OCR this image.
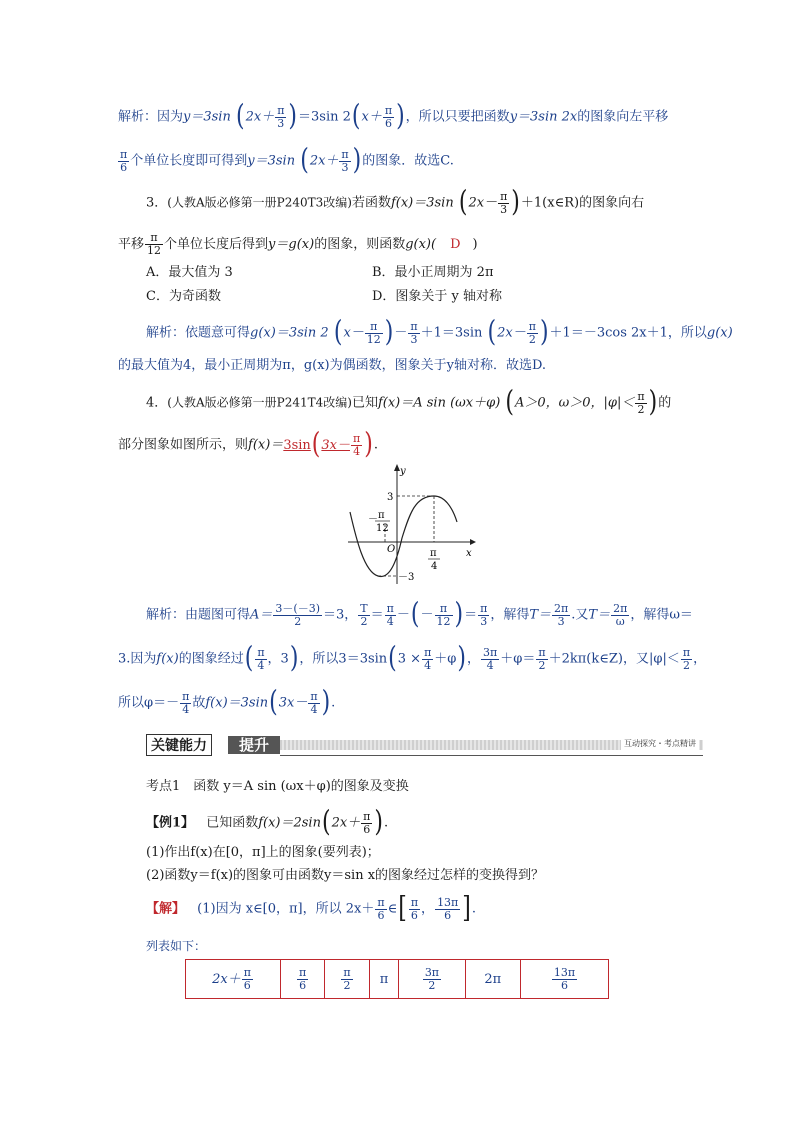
解析：因为y＝3sin $(2x+ \frac{\pi}{3} )=3\sin$ $2(x+ \frac{\pi}{6}$ )，所以只要把函数y＝3sin 2x的图象向左平移
$\frac{\pi}{6}$ 个单位长度即可得到y＝3sin ($2x+ \frac{\pi}{3}$ )的图象．故选C.
3．(人教A版必修第一册P240T3改编)若函数f(x)＝3sin ($2x- \frac{\pi}{3}$ )＋1(x∈R)的图象向右
平移 $\frac{\pi}{12}$ 个单位长度后得到y＝g(x)的图象，则函数g(x)( D )
A．最大值为 3	B．最小正周期为 2π
C．为奇函数	D．图象关于 y 轴对称
解析：依题意可得g(x)＝3sin 2 ($x- \frac{\pi}{12}$ )－ $\frac{\pi}{3} +1=3\sin$ $(2x- \frac{\pi}{2} )+1=-3\cos$ 2x＋1，所以g(x)
的最大值为4，最小正周期为π，g(x)为偶函数，图象关于y轴对称．故选D.
4．(人教A版必修第一册P241T4改编)已知f(x)＝A sin (ωx＋φ) (A＞0，ω＞0，$|\varphi|< \frac{\pi}{2}$ )的
部分图象如图所示，则$f(x)=3\sin(3x- \frac{\pi}{4}$ ).
y
x
O
3
－3
－ π
12
π
4
解析：由题图可得$A= \frac{3-(-3)}{2} =3$， $\frac{T}{2} = \frac{\pi}{4}$ －(－ $\frac{\pi}{12}$ )＝ $\frac{\pi}{3}$ ，解得$T= \frac{2\pi}{3}$ .又$T= \frac{2\pi}{\omega}$ ，解得ω＝
3.因为f(x)的图象经过( $\frac{\pi}{4}$ ，3)，所以$3=3\sin(3 \times \frac{\pi}{4} +\varphi)$， $\frac{3\pi}{4} +\varphi= \frac{\pi}{2}$ ＋2kπ(k∈Z)，又$|\varphi|< \frac{\pi}{2}$ ，
所以$\varphi=- \frac{\pi}{4}$ 故$f(x)=3\sin(3x- \frac{\pi}{4}$ ).
关键能力	提升	互动探究・考点精讲
考点1　函数 y＝A sin (ωx＋φ)的图象及变换
【例1】 已知函数$f(x)=2\sin(2x+ \frac{\pi}{6}$ ).
(1)作出f(x)在[0，π]上的图象(要列表)；
(2)函数y＝f(x)的图象可由函数y＝sin x的图象经过怎样的变换得到？
【解】 (1)因为 x∈[0，π]，所以 $2x+ \frac{\pi}{6}$ ∈[ $\frac{\pi}{6}$ ， $\frac{13\pi}{6}$ ].
列表如下：
$2x+ \frac{\pi}{6}$	$\frac{\pi}{6}$	$\frac{\pi}{2}$	π	$\frac{3\pi}{2}$	2π	$\frac{13\pi}{6}$
